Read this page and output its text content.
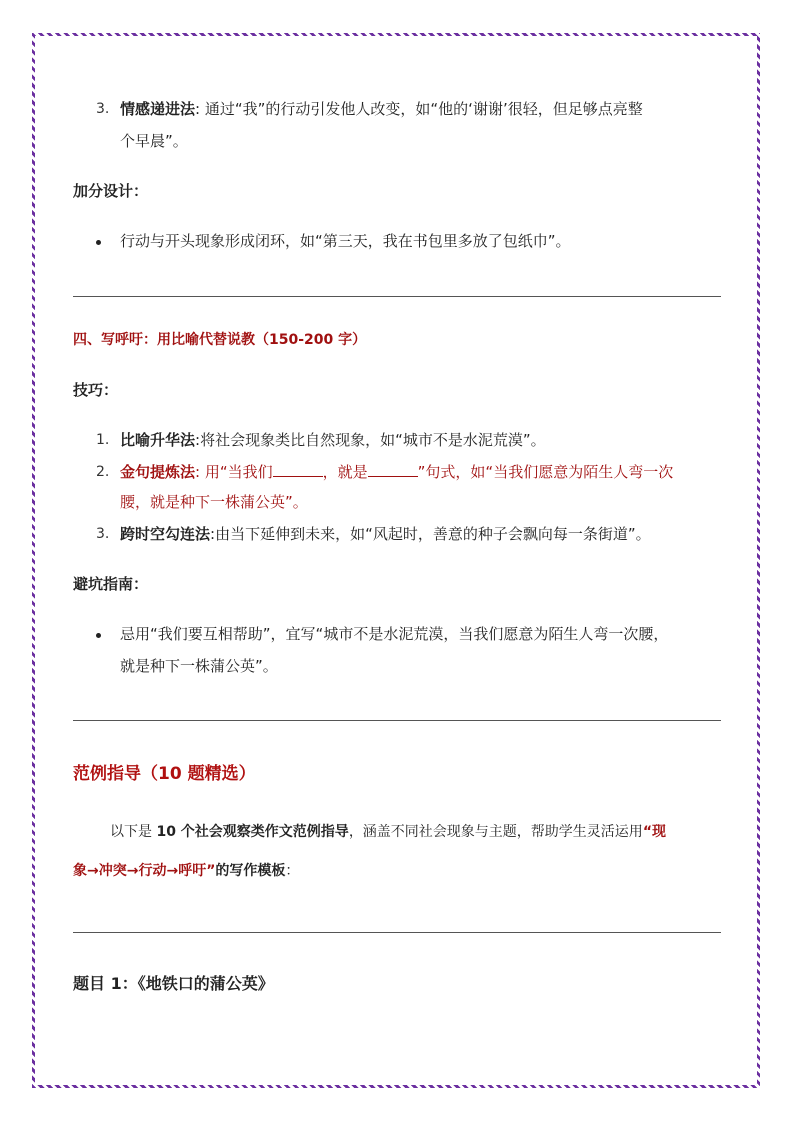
3. 情感递进法: 通过“我”的行动引发他人改变，如“他的‘谢谢’很轻，但足够点亮整
个早晨”。
加分设计：
行动与开头现象形成闭环，如“第三天，我在书包里多放了包纸巾”。
四、写呼吁：用比喻代替说教（150-200 字）
技巧：
1. 比喻升华法:将社会现象类比自然现象，如“城市不是水泥荒漠”。
2. 金句提炼法: 用“当我们	，就是	”句式，如“当我们愿意为陌生人弯一次
腰，就是种下一株蒲公英”。
3. 跨时空勾连法:由当下延伸到未来，如“风起时，善意的种子会飘向每一条街道”。
避坑指南：
忌用“我们要互相帮助”，宜写“城市不是水泥荒漠，当我们愿意为陌生人弯一次腰，
就是种下一株蒲公英”。
范例指导（10 题精选）
以下是 10 个社会观察类作文范例指导，涵盖不同社会现象与主题，帮助学生灵活运用“现
象→冲突→行动→呼吁”的写作模板：
题目 1：《地铁口的蒲公英》
